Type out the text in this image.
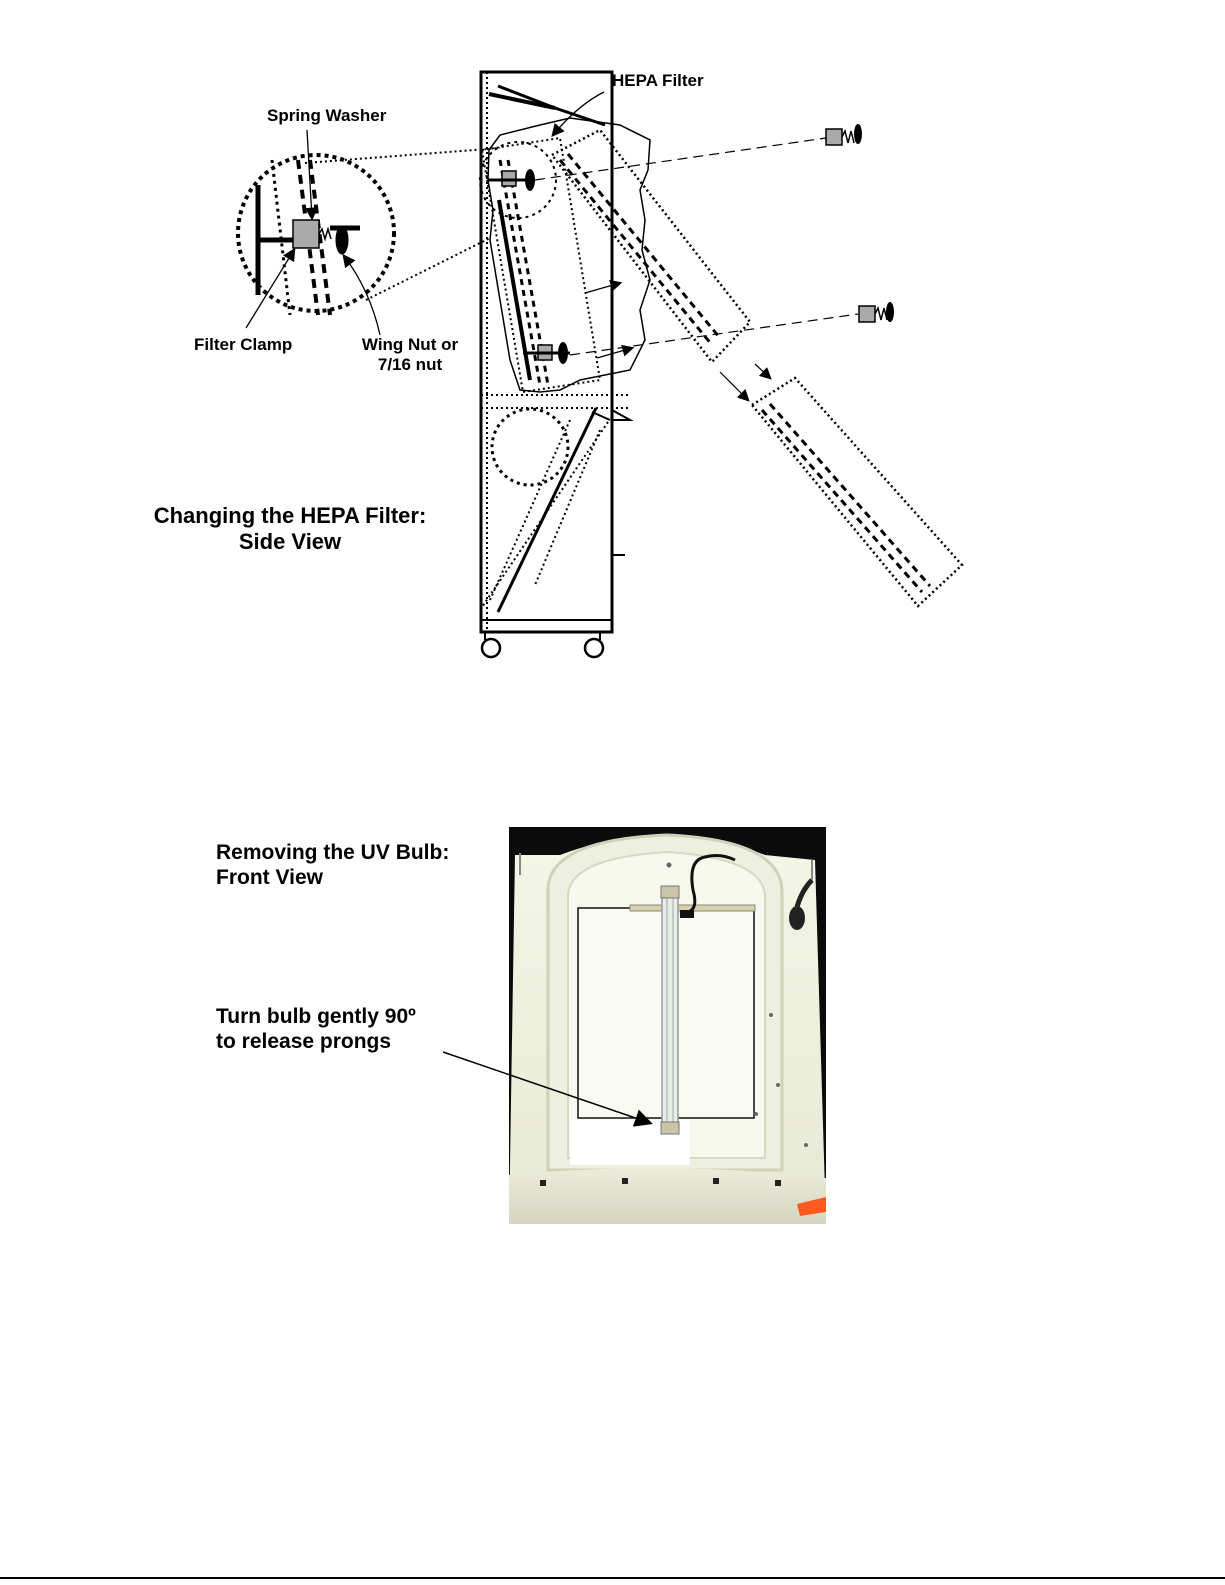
HEPA Filter
Spring Washer
Filter Clamp	Wing Nut or
7/16 nut
Changing the HEPA Filter:
Side View
Removing the UV Bulb:
Front View
Turn bulb gently 90º
to release prongs
